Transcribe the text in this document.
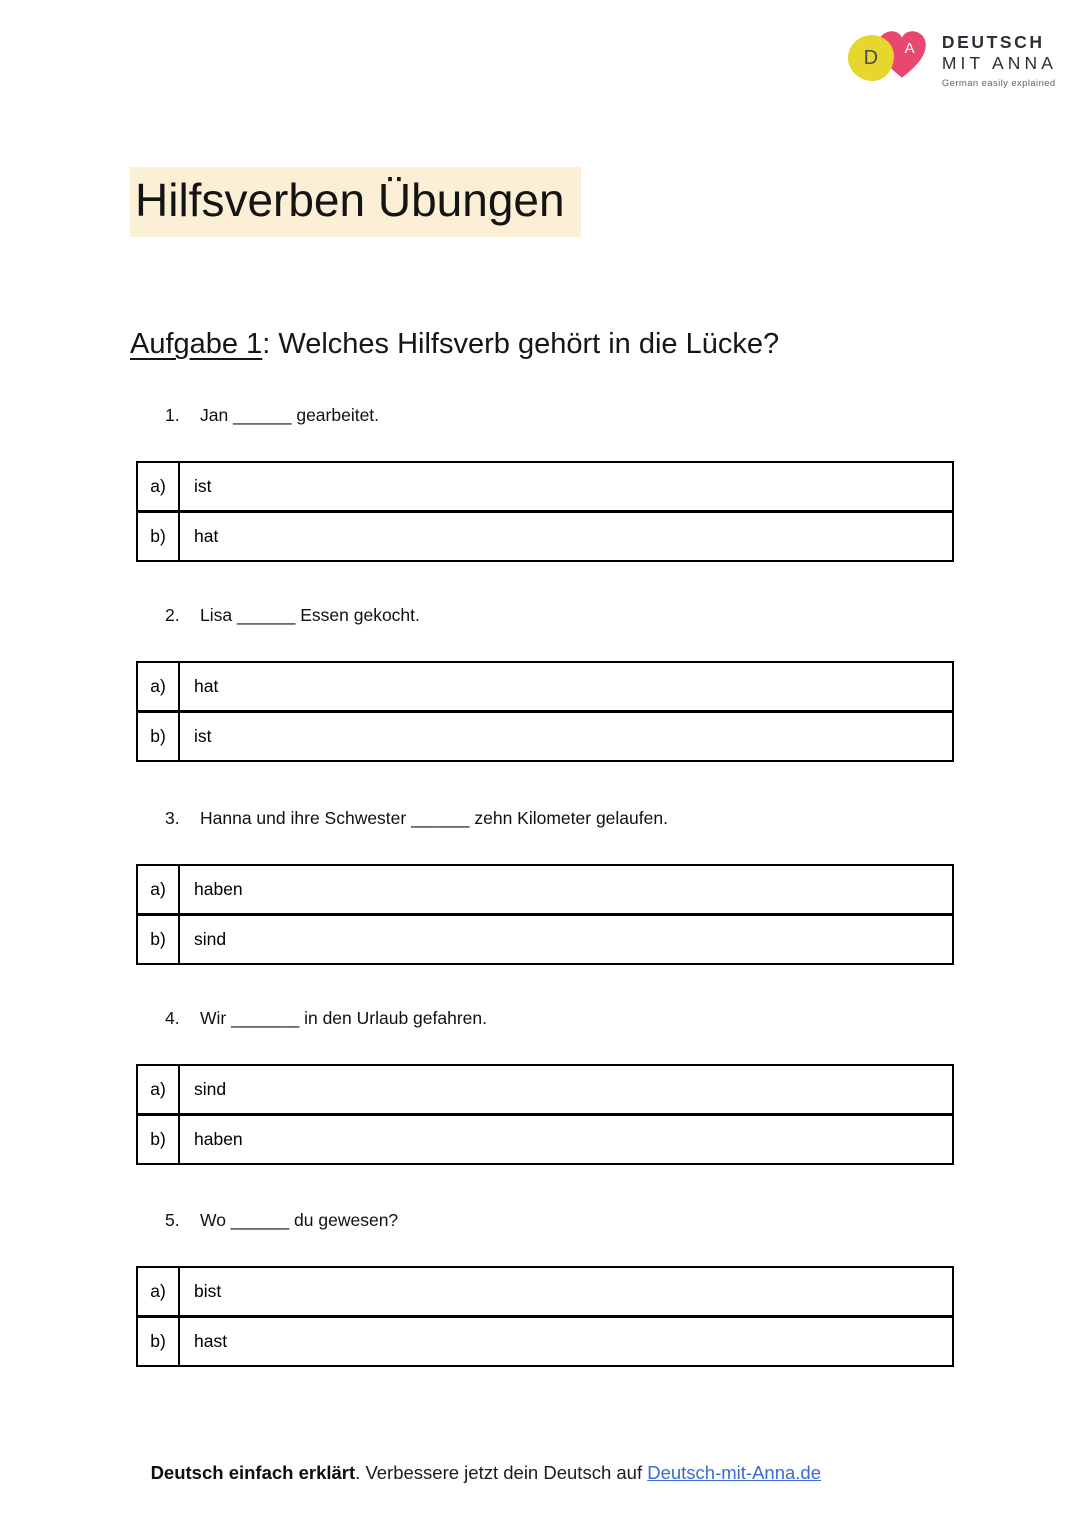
A
D
DEUTSCH
MIT ANNA
German easily explained
Hilfsverben Übungen
Aufgabe 1: Welches Hilfsverb gehört in die Lücke?
1.	Jan ______ gearbeitet.
a)	ist
b)	hat
2.	Lisa ______ Essen gekocht.
a)	hat
b)	ist
3.	Hanna und ihre Schwester ______ zehn Kilometer gelaufen.
a)	haben
b)	sind
4.	Wir _______ in den Urlaub gefahren.
a)	sind
b)	haben
5.	Wo ______ du gewesen?
a)	bist
b)	hast

Deutsch einfach erklärt. Verbessere jetzt dein Deutsch auf Deutsch-mit-Anna.de
